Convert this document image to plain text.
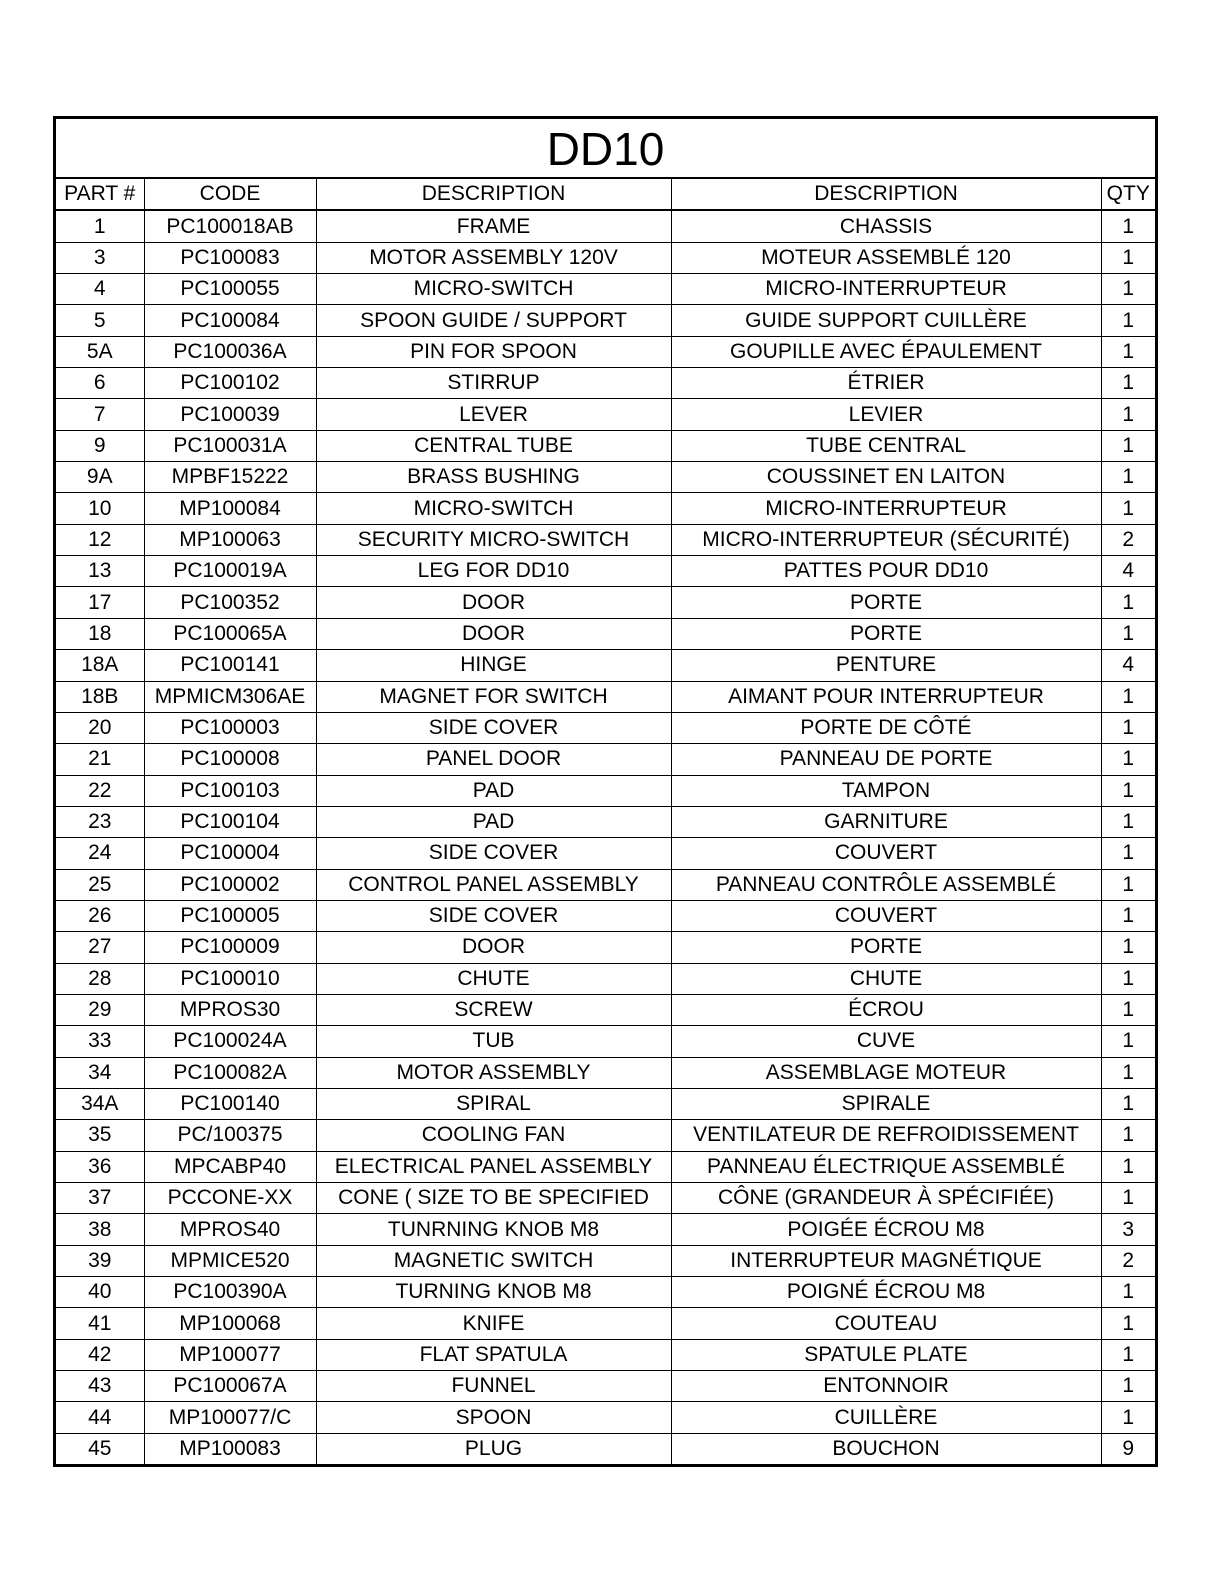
DD10				
PART #	CODE	DESCRIPTION	DESCRIPTION	QTY
1	PC100018AB	FRAME	CHASSIS	1
3	PC100083	MOTOR ASSEMBLY 120V	MOTEUR ASSEMBLÉ 120	1
4	PC100055	MICRO-SWITCH	MICRO-INTERRUPTEUR	1
5	PC100084	SPOON GUIDE / SUPPORT	GUIDE SUPPORT CUILLÈRE	1
5A	PC100036A	PIN FOR SPOON	GOUPILLE AVEC ÉPAULEMENT	1
6	PC100102	STIRRUP	ÉTRIER	1
7	PC100039	LEVER	LEVIER	1
9	PC100031A	CENTRAL TUBE	TUBE CENTRAL	1
9A	MPBF15222	BRASS BUSHING	COUSSINET EN LAITON	1
10	MP100084	MICRO-SWITCH	MICRO-INTERRUPTEUR	1
12	MP100063	SECURITY MICRO-SWITCH	MICRO-INTERRUPTEUR (SÉCURITÉ)	2
13	PC100019A	LEG FOR DD10	PATTES POUR DD10	4
17	PC100352	DOOR	PORTE	1
18	PC100065A	DOOR	PORTE	1
18A	PC100141	HINGE	PENTURE	4
18B	MPMICM306AE	MAGNET FOR SWITCH	AIMANT POUR INTERRUPTEUR	1
20	PC100003	SIDE COVER	PORTE DE CÔTÉ	1
21	PC100008	PANEL DOOR	PANNEAU DE PORTE	1
22	PC100103	PAD	TAMPON	1
23	PC100104	PAD	GARNITURE	1
24	PC100004	SIDE COVER	COUVERT	1
25	PC100002	CONTROL PANEL ASSEMBLY	PANNEAU CONTRÔLE ASSEMBLÉ	1
26	PC100005	SIDE COVER	COUVERT	1
27	PC100009	DOOR	PORTE	1
28	PC100010	CHUTE	CHUTE	1
29	MPROS30	SCREW	ÉCROU	1
33	PC100024A	TUB	CUVE	1
34	PC100082A	MOTOR ASSEMBLY	ASSEMBLAGE MOTEUR	1
34A	PC100140	SPIRAL	SPIRALE	1
35	PC/100375	COOLING FAN	VENTILATEUR DE REFROIDISSEMENT	1
36	MPCABP40	ELECTRICAL PANEL ASSEMBLY	PANNEAU ÉLECTRIQUE ASSEMBLÉ	1
37	PCCONE-XX	CONE ( SIZE TO BE SPECIFIED	CÔNE (GRANDEUR À SPÉCIFIÉE)	1
38	MPROS40	TUNRNING KNOB M8	POIGÉE ÉCROU M8	3
39	MPMICE520	MAGNETIC SWITCH	INTERRUPTEUR MAGNÉTIQUE	2
40	PC100390A	TURNING KNOB M8	POIGNÉ ÉCROU M8	1
41	MP100068	KNIFE	COUTEAU	1
42	MP100077	FLAT SPATULA	SPATULE PLATE	1
43	PC100067A	FUNNEL	ENTONNOIR	1
44	MP100077/C	SPOON	CUILLÈRE	1
45	MP100083	PLUG	BOUCHON	9
